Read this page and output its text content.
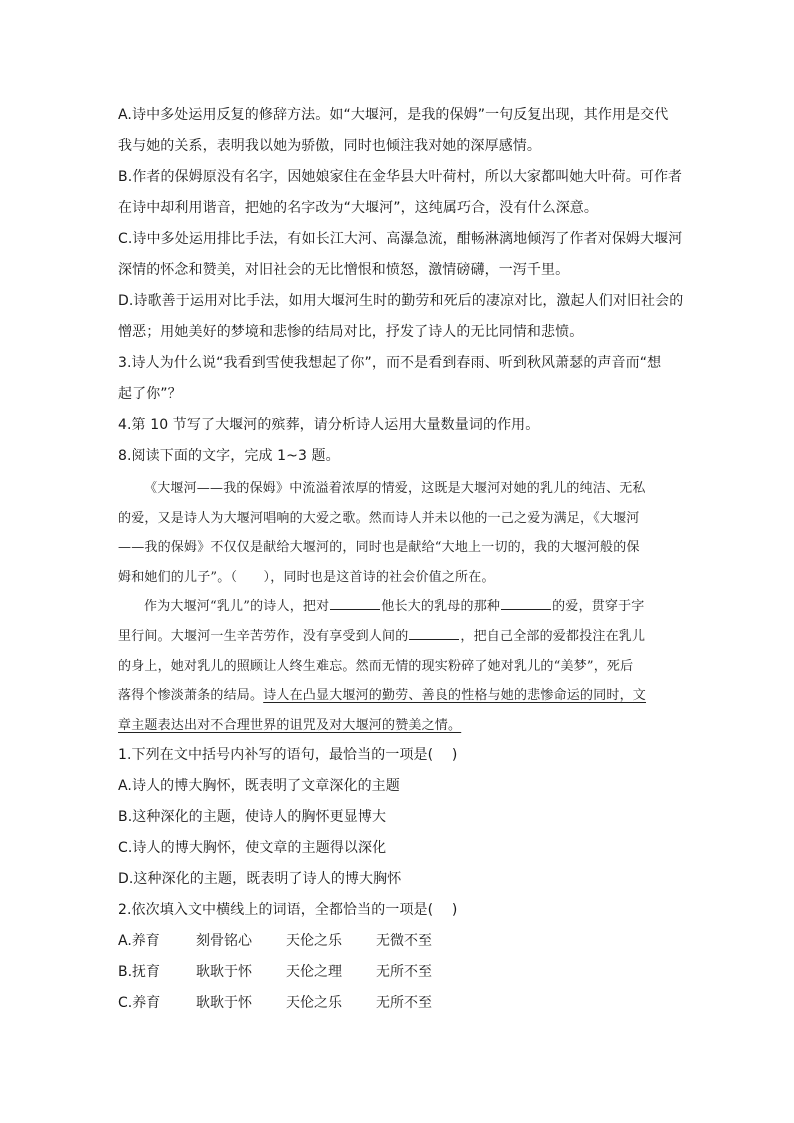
A.诗中多处运用反复的修辞方法。如“大堰河，是我的保姆”一句反复出现，其作用是交代
我与她的关系，表明我以她为骄傲，同时也倾注我对她的深厚感情。
B.作者的保姆原没有名字，因她娘家住在金华县大叶荷村，所以大家都叫她大叶荷。可作者
在诗中却利用谐音，把她的名字改为“大堰河”，这纯属巧合，没有什么深意。
C.诗中多处运用排比手法，有如长江大河、高瀑急流，酣畅淋漓地倾泻了作者对保姆大堰河
深情的怀念和赞美，对旧社会的无比憎恨和愤怒，激情磅礴，一泻千里。
D.诗歌善于运用对比手法，如用大堰河生时的勤劳和死后的凄凉对比，激起人们对旧社会的
憎恶；用她美好的梦境和悲惨的结局对比，抒发了诗人的无比同情和悲愤。
3.诗人为什么说“我看到雪使我想起了你”，而不是看到春雨、听到秋风萧瑟的声音而“想
起了你”？
4.第 10 节写了大堰河的殡葬，请分析诗人运用大量数量词的作用。
8.阅读下面的文字，完成 1~3 题。
《大堰河——我的保姆》中流溢着浓厚的情爱，这既是大堰河对她的乳儿的纯洁、无私
的爱，又是诗人为大堰河唱响的大爱之歌。然而诗人并未以他的一己之爱为满足，《大堰河
——我的保姆》不仅仅是献给大堰河的，同时也是献给“大地上一切的，我的大堰河般的保
姆和她们的儿子”。（　　），同时也是这首诗的社会价值之所在。
作为大堰河“乳儿”的诗人，把对	他长大的乳母的那种	的爱，贯穿于字
里行间。大堰河一生辛苦劳作，没有享受到人间的	，把自己全部的爱都投注在乳儿
的身上，她对乳儿的照顾让人终生难忘。然而无情的现实粉碎了她对乳儿的“美梦”，死后
落得个惨淡萧条的结局。诗人在凸显大堰河的勤劳、善良的性格与她的悲惨命运的同时，文
章主题表达出对不合理世界的诅咒及对大堰河的赞美之情。
1.下列在文中括号内补写的语句，最恰当的一项是(　 )
A.诗人的博大胸怀，既表明了文章深化的主题
B.这种深化的主题，使诗人的胸怀更显博大
C.诗人的博大胸怀，使文章的主题得以深化
D.这种深化的主题，既表明了诗人的博大胸怀
2.依次填入文中横线上的词语，全都恰当的一项是(　 )
A.养育	刻骨铭心	天伦之乐	无微不至
B.抚育	耿耿于怀	天伦之理	无所不至
C.养育	耿耿于怀	天伦之乐	无所不至
